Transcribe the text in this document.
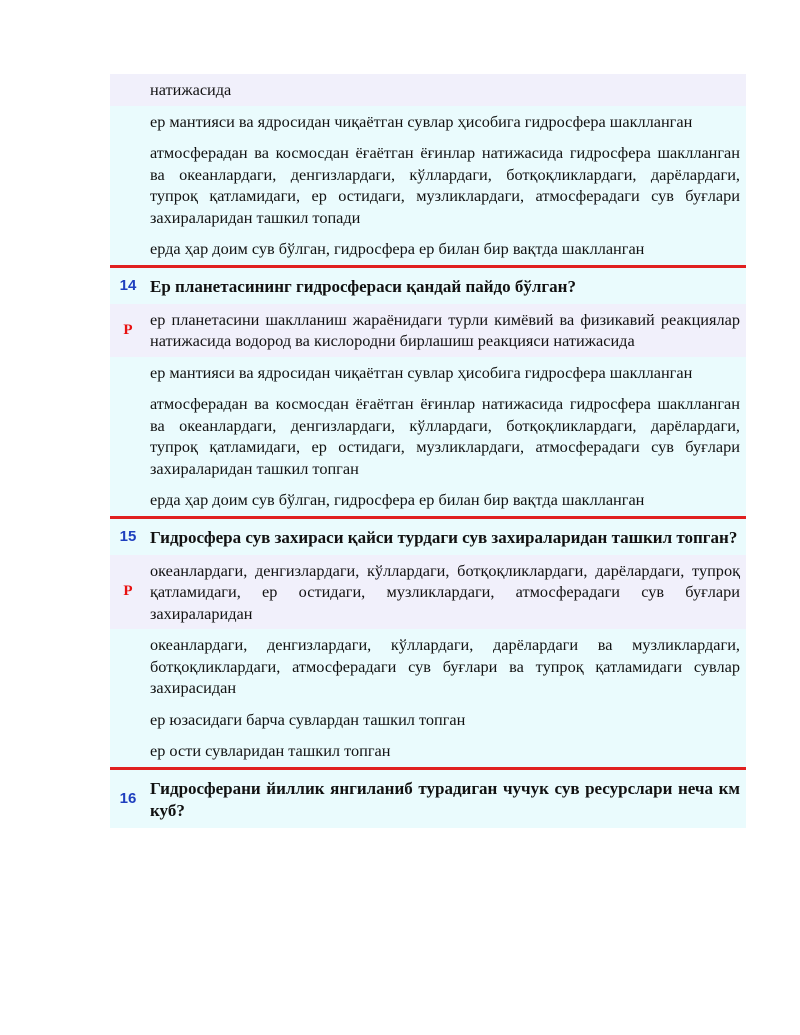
натижасида
ер мантияси ва ядросидан чиқаётган сувлар ҳисобига гидросфера шаклланган
атмосферадан ва космосдан ёғаётган ёғинлар натижасида гидросфера шаклланган ва океанлардаги, денгизлардаги, кўллардаги, ботқоқликлардаги, дарёлардаги, тупроқ қатламидаги, ер остидаги, музликлардаги, атмосферадаги сув буғлари захираларидан ташкил топади
ерда ҳар доим сув бўлган, гидросфера ер билан бир вақтда шаклланган
14 Ер планетасининг гидросфераси қандай пайдо бўлган?
Р
ер планетасини шаклланиш жараёнидаги турли кимёвий ва физикавий реакциялар натижасида водород ва кислородни бирлашиш реакцияси натижасида
ер мантияси ва ядросидан чиқаётган сувлар ҳисобига гидросфера шаклланган
атмосферадан ва космосдан ёғаётган ёғинлар натижасида гидросфера шаклланган ва океанлардаги, денгизлардаги, кўллардаги, ботқоқликлардаги, дарёлардаги, тупроқ қатламидаги, ер остидаги, музликлардаги, атмосферадаги сув буғлари захираларидан ташкил топган
ерда ҳар доим сув бўлган, гидросфера ер билан бир вақтда шаклланган
15 Гидросфера сув захираси қайси турдаги сув захираларидан ташкил топган?
Р
океанлардаги, денгизлардаги, кўллардаги, ботқоқликлардаги, дарёлардаги, тупроқ қатламидаги, ер остидаги, музликлардаги, атмосферадаги сув буғлари захираларидан
океанлардаги, денгизлардаги, кўллардаги, дарёлардаги ва музликлардаги, ботқоқликлардаги, атмосферадаги сув буғлари ва тупроқ қатламидаги сувлар захирасидан
ер юзасидаги барча сувлардан ташкил топган
ер ости сувларидан ташкил топган
16
Гидросферани йиллик янгиланиб турадиган чучук сув ресурслари неча км куб?
